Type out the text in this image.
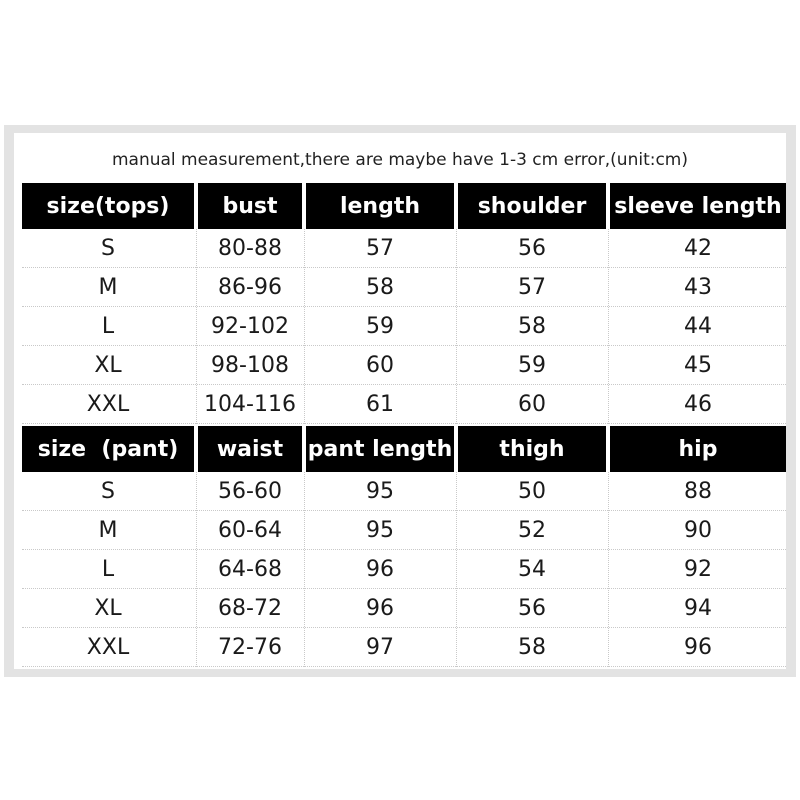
manual measurement,there are maybe have 1-3 cm error,(unit:cm)
size(tops)	bust	length	shoulder	sleeve length
S	80-88	57	56	42
M	86-96	58	57	43
L	92-102	59	58	44
XL	98-108	60	59	45
XXL	104-116	61	60	46
size  (pant)	waist	pant length	thigh	hip
S	56-60	95	50	88
M	60-64	95	52	90
L	64-68	96	54	92
XL	68-72	96	56	94
XXL	72-76	97	58	96
